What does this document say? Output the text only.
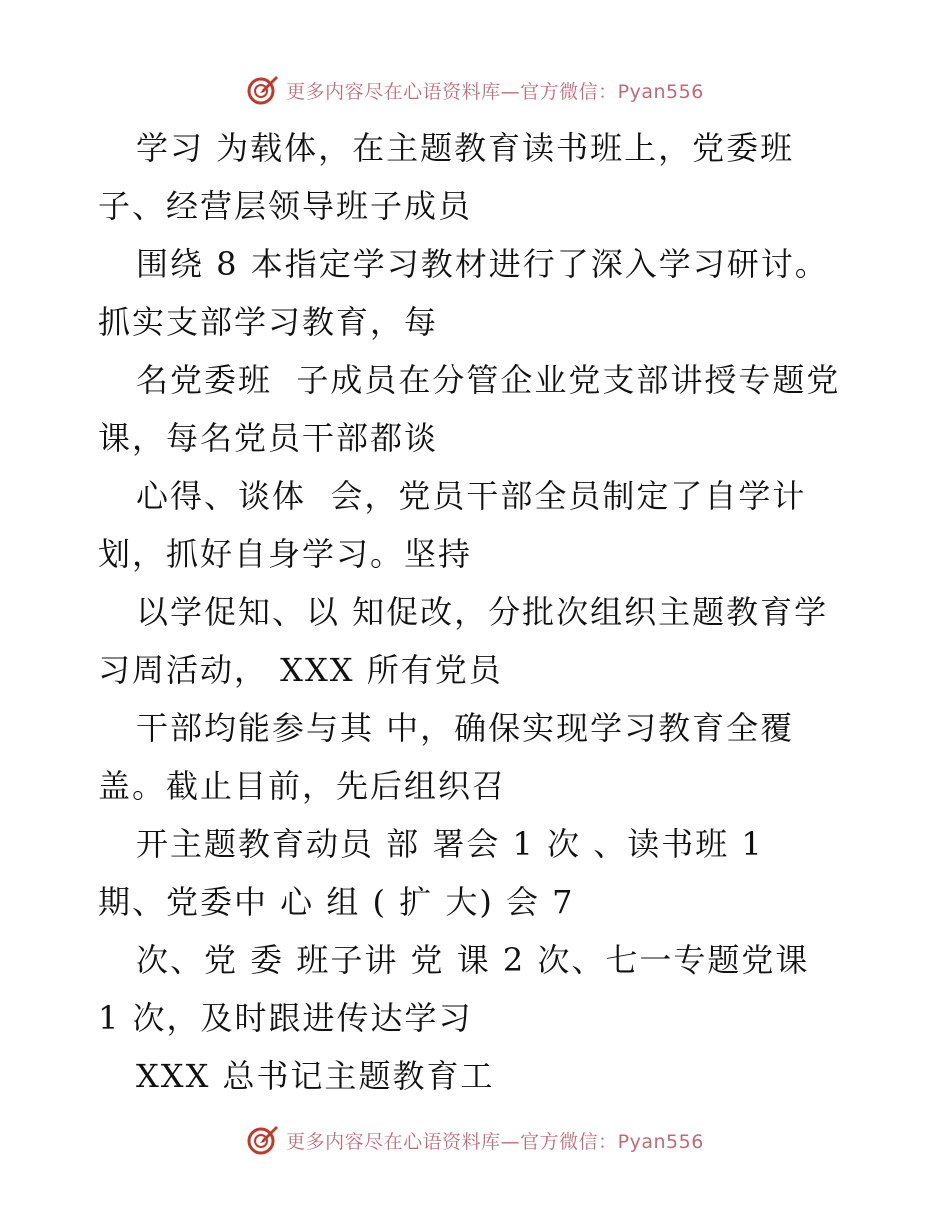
更多内容尽在心语资料库—官方微信：Pyan556
学习 为载体，在主题教育读书班上，党委班
子、经营层领导班子成员
围绕 8 本指定学习教材进行了深入学习研讨。
抓实支部学习教育，每
名党委班  子成员在分管企业党支部讲授专题党
课，每名党员干部都谈
心得、谈体  会，党员干部全员制定了自学计
划，抓好自身学习。坚持
以学促知、以 知促改，分批次组织主题教育学
习周活动， XXX 所有党员
干部均能参与其 中，确保实现学习教育全覆
盖。截止目前，先后组织召
开主题教育动员 部 署会 1 次 、读书班 1
期、党委中 心 组 ( 扩 大) 会 7
次、党 委 班子讲 党 课 2 次、七一专题党课
1 次，及时跟进传达学习
XXX 总书记主题教育工
更多内容尽在心语资料库—官方微信：Pyan556
